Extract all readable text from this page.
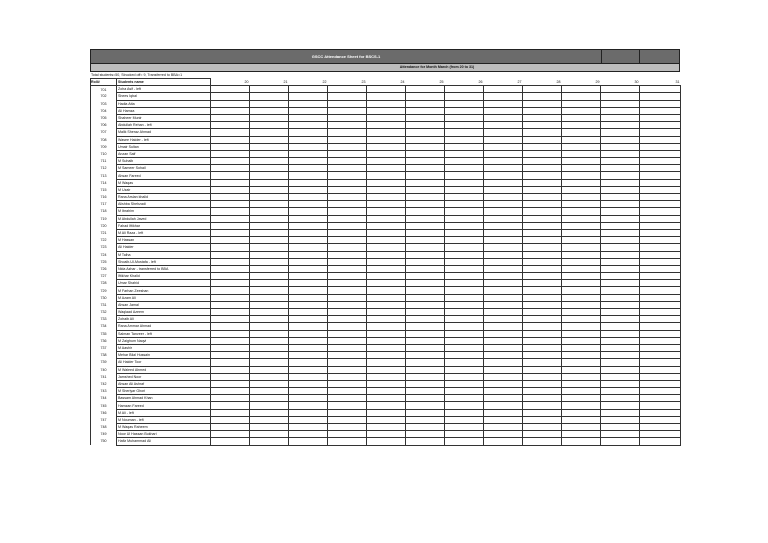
GSCC Attendance Sheet for BSCS-1
Attendance for Month March (from 20 to 31)
Total students=50, Strucked off= 9, Transferred to BBA=1
Roll#	Students name	20	21	22	23	24	25	26	27	28	29	30	31
701	Zoha Asif - left												
702	Shees Iqbal												
703	Hadia Atta												
704	Ali Hamza												
705	Shaheer Munir												
706	Abdullah Rehan - left												
707	Malik Sheraz Ahmad												
708	Wasee Haider - left												
709	Umair Sultan												
710	Anzan Saif												
711	M Suhaib												
712	M Sameer Sohail												
713	Ahsan Fareed												
714	M Waqas												
715	M Uzair												
716	Rana Arslan khalid												
717	Alishba Shehzadi												
718	M Ibrahim												
719	M Abdullah Javed												
720	Fahad Iftikhar												
721	M Ali Raza - left												
722	M Hassan												
723	Ali Haider												
724	M Talha												
725	Shoaib-Ul-Mustafa - left												
726	Nida Azhar - transferred to BBA												
727	Iftikhar Khalid												
728	Umar Shahid												
729	M Farhan Zeeshan												
730	M Azam Ali												
731	Ahsan Jamal												
732	Waqlaad Azeem												
733	Zohaib Ali												
734	Rana Ammar Ahmad												
735	Salman Tanveer - left												
736	M Zaighum Naqvi												
737	M Aashir												
738	Mehar Bilal Hussain												
739	Ali Haider Toor												
740	M Waleed Ahmed												
741	Jamshed Noor												
742	Ahsan Ali Ashraf												
743	M Sheriyar Ghori												
744	Bassam Ahmad Khan												
745	Hamzan Fareed												
746	M Ali - left												
747	M Nouman - left												
748	M Waqas Raheem												
749	Noor Ul Hassan Bukhari												
750	Hafiz Muhammad Ali												
